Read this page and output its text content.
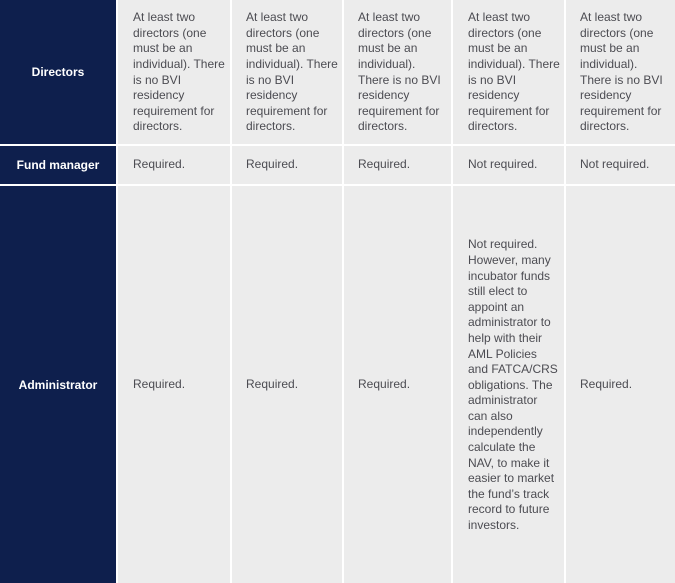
Directors	At least two directors (one must be an individual). There is no BVI residency requirement for directors.	At least two directors (one must be an individual). There is no BVI residency requirement for directors.	At least two directors (one must be an individual). There is no BVI residency requirement for directors.	At least two directors (one must be an individual). There is no BVI residency requirement for directors.	At least two directors (one must be an individual). There is no BVI residency requirement for directors.

Fund manager	Required.	Required.	Required.	Not required.	Not required.

Administrator	Required.	Required.	Required.	Not required. However, many incubator funds still elect to appoint an administrator to help with their AML Policies and FATCA/CRS obligations. The administrator can also independently calculate the NAV, to make it easier to market the fund’s track record to future investors.	Required.
